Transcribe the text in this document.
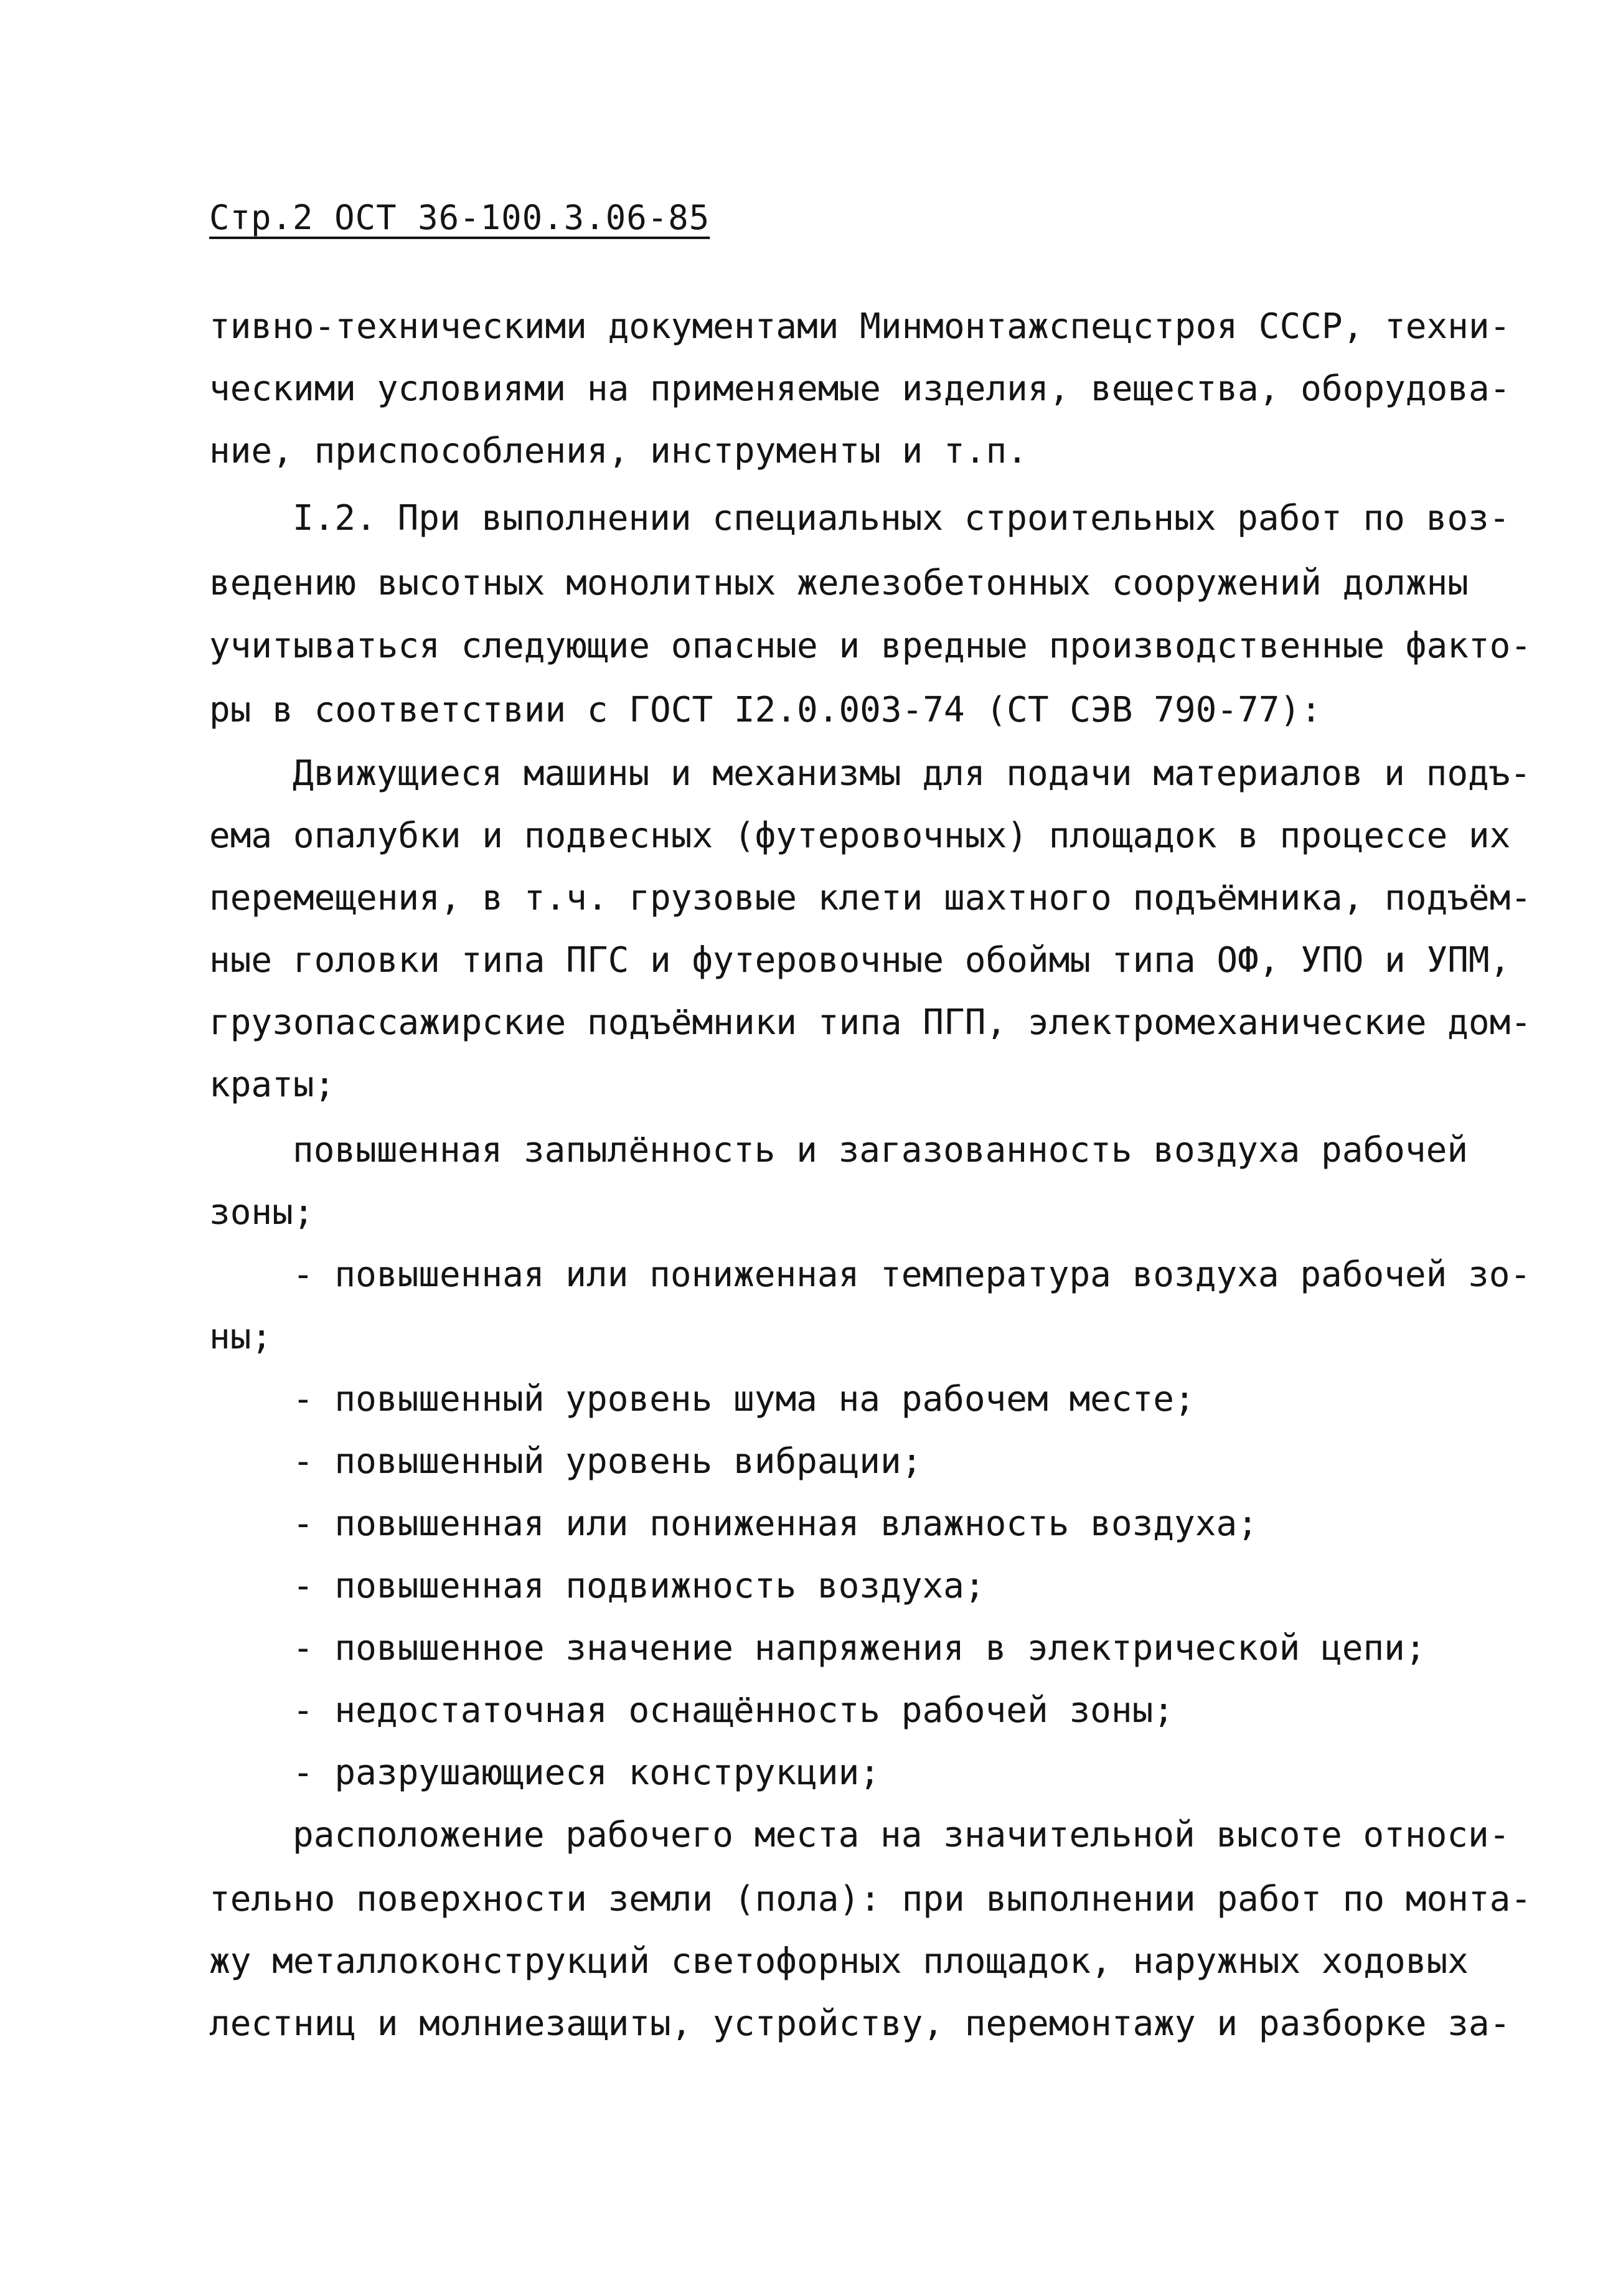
Стр.2 ОСТ 36-100.3.06-85
тивно-техническими документами Минмонтажспецстроя СССР, техни-
ческими условиями на применяемые изделия, вещества, оборудова-
ние, приспособления, инструменты и т.п.
I.2. При выполнении специальных строительных работ по воз-
ведению высотных монолитных железобетонных сооружений должны
учитываться следующие опасные и вредные производственные факто-
ры в соответствии с ГОСТ I2.0.003-74 (СТ СЭВ 790-77):
Движущиеся машины и механизмы для подачи материалов и подъ-
ема опалубки и подвесных (футеровочных) площадок в процессе их
перемещения, в т.ч. грузовые клети шахтного подъёмника, подъём-
ные головки типа ПГС и футеровочные обоймы типа ОФ, УПО и УПМ,
грузопассажирские подъёмники типа ПГП, электромеханические дом-
краты;
повышенная запылённость и загазованность воздуха рабочей
зоны;
- повышенная или пониженная температура воздуха рабочей зо-
ны;
- повышенный уровень шума на рабочем месте;
- повышенный уровень вибрации;
- повышенная или пониженная влажность воздуха;
- повышенная подвижность воздуха;
- повышенное значение напряжения в электрической цепи;
- недостаточная оснащённость рабочей зоны;
- разрушающиеся конструкции;
расположение рабочего места на значительной высоте относи-
тельно поверхности земли (пола): при выполнении работ по монта-
жу металлоконструкций светофорных площадок, наружных ходовых
лестниц и молниезащиты, устройству, перемонтажу и разборке за-
